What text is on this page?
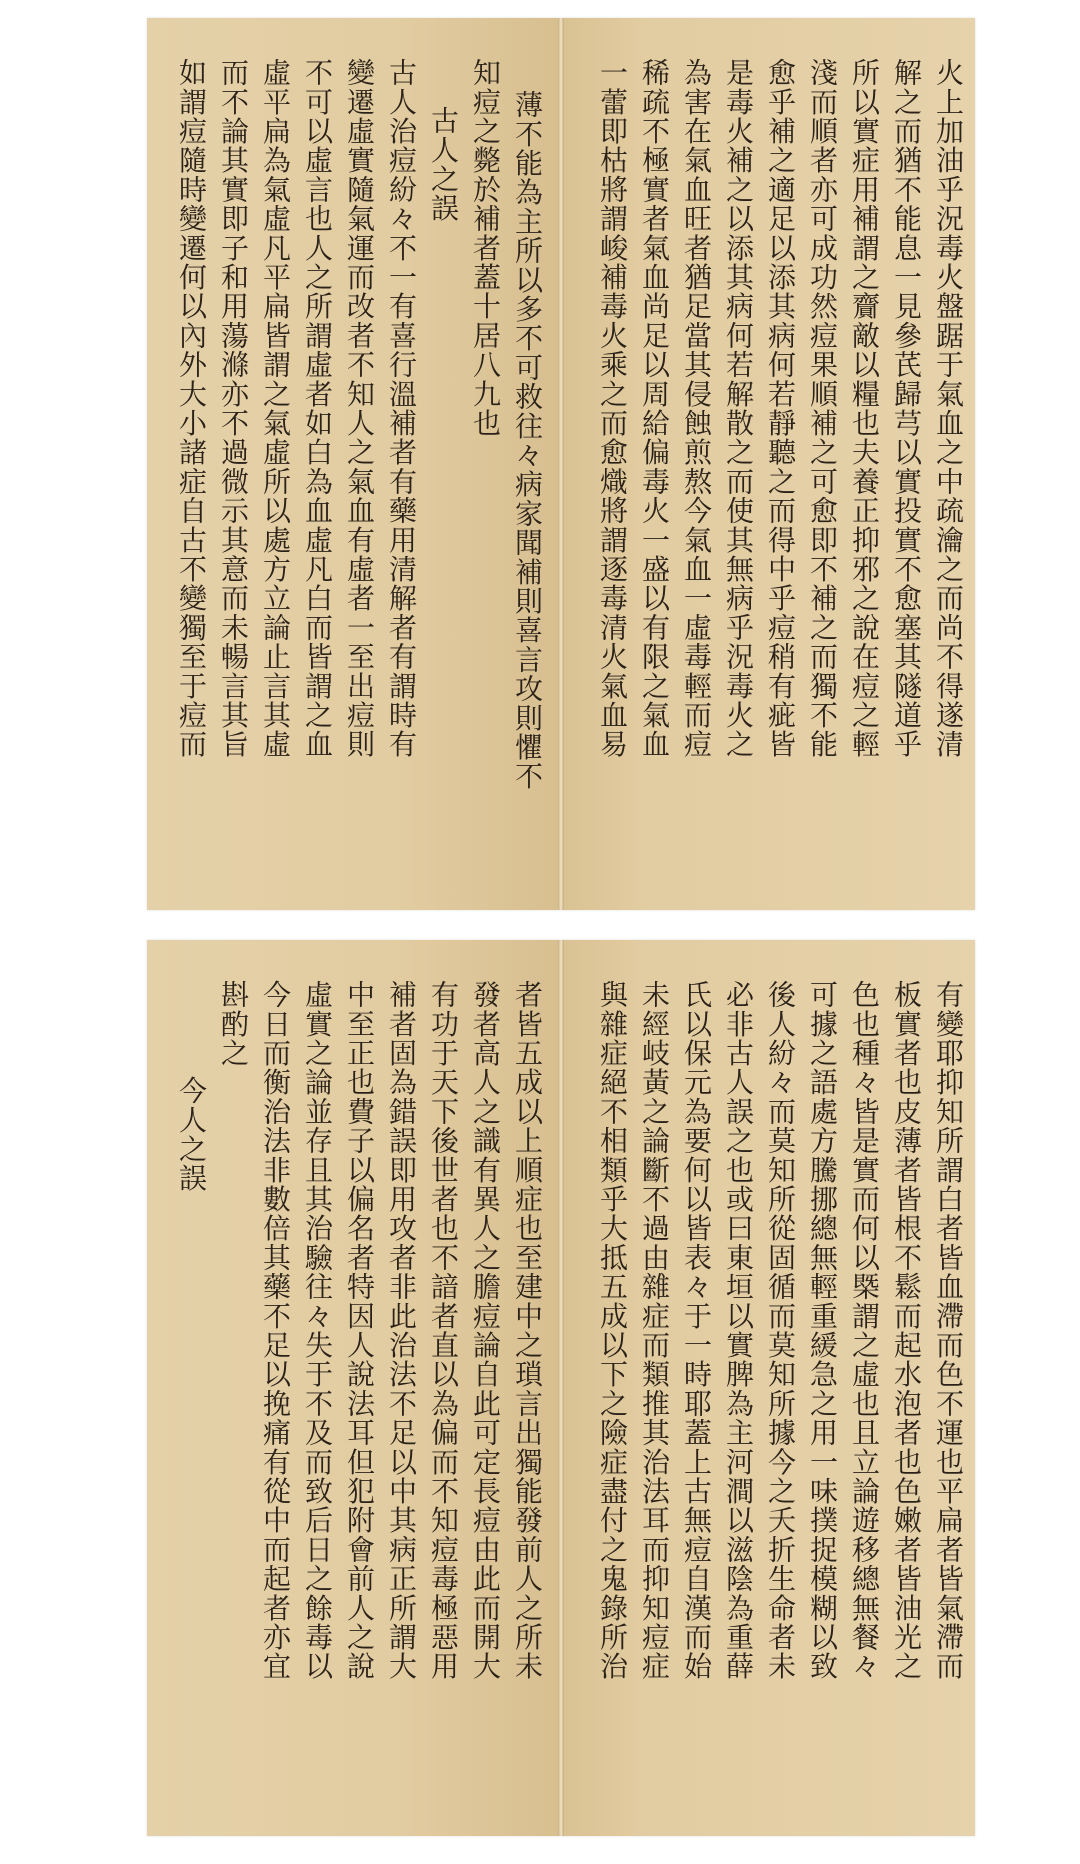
薄不能為主所以多不可救往々病家聞補則喜言攻則懼不
知痘之斃於補者蓋十居八九也
古人之誤
古人治痘紛々不一有喜行溫補者有藥用清解者有謂時有
變遷虛實隨氣運而改者不知人之氣血有虛者一至出痘則
不可以虛言也人之所謂虛者如白為血虛凡白而皆謂之血
虛平扁為氣虛凡平扁皆謂之氣虛所以處方立論止言其虛
而不論其實即子和用蕩滌亦不過微示其意而未暢言其旨
如謂痘隨時變遷何以內外大小諸症自古不變獨至于痘而	火上加油乎況毒火盤踞于氣血之中疏瀹之而尚不得遂清
解之而猶不能息一見參芪歸芎以實投實不愈塞其隧道乎
所以實症用補謂之齎敵以糧也夫養正抑邪之說在痘之輕
淺而順者亦可成功然痘果順補之可愈即不補之而獨不能
愈乎補之適足以添其病何若靜聽之而得中乎痘稍有疵皆
是毒火補之以添其病何若解散之而使其無病乎況毒火之
為害在氣血旺者猶足當其侵蝕煎熬今氣血一虛毒輕而痘
稀疏不極實者氣血尚足以周給偏毒火一盛以有限之氣血
一蕾即枯將謂峻補毒火乘之而愈熾將謂逐毒清火氣血易
者皆五成以上順症也至建中之瑣言出獨能發前人之所未
發者高人之識有異人之膽痘論自此可定長痘由此而開大
有功于天下後世者也不諳者直以為偏而不知痘毒極惡用
補者固為錯誤即用攻者非此治法不足以中其病正所謂大
中至正也費子以偏名者特因人說法耳但犯附會前人之說
虛實之論並存且其治驗往々失于不及而致后日之餘毒以
今日而衡治法非數倍其藥不足以挽痛有從中而起者亦宜
斟酌之
今人之誤	有變耶抑知所謂白者皆血滯而色不運也平扁者皆氣滯而
板實者也皮薄者皆根不鬆而起水泡者也色嫩者皆油光之
色也種々皆是實而何以槩謂之虛也且立論遊移總無餐々
可據之語處方騰挪總無輕重緩急之用一味撲捉模糊以致
後人紛々而莫知所從固循而莫知所據今之夭折生命者未
必非古人誤之也或曰東垣以實脾為主河澗以滋陰為重薛
氏以保元為要何以皆表々于一時耶蓋上古無痘自漢而始
未經岐黃之論斷不過由雜症而類推其治法耳而抑知痘症
與雜症絕不相類乎大抵五成以下之險症盡付之鬼錄所治
